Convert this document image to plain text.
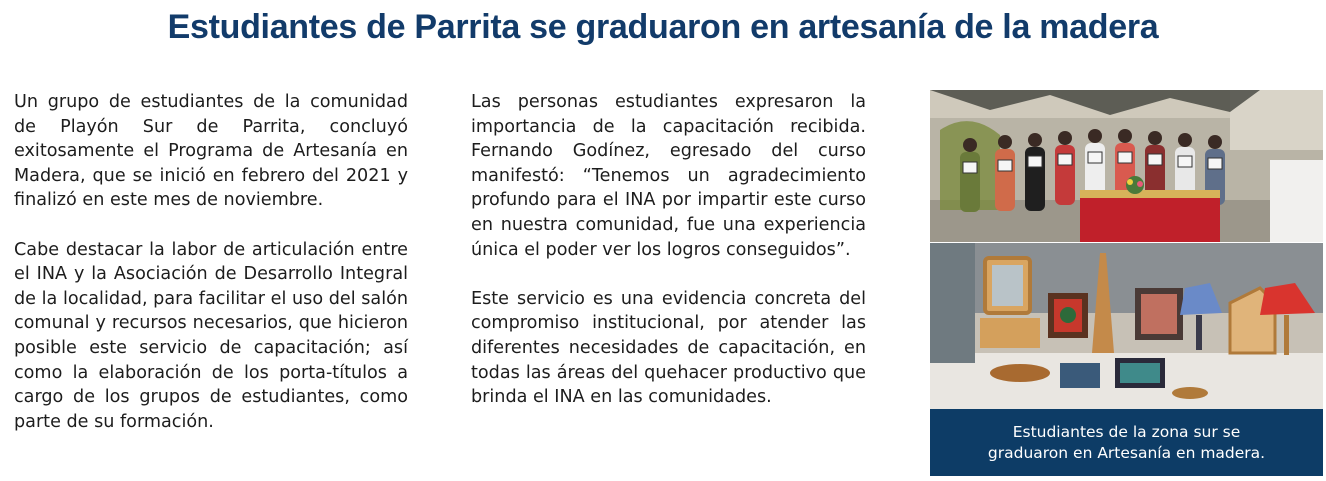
Estudiantes de Parrita se graduaron en artesanía de la madera

Un grupo de estudiantes de la comunidad de Playón Sur de Parrita, concluyó exitosamente el Programa de Artesanía en Madera, que se inició en febrero del 2021 y finalizó en este mes de noviembre.

Cabe destacar la labor de articulación entre el INA y la Asociación de Desarrollo Integral de la localidad, para facilitar el uso del salón comunal y recursos necesarios, que hicieron posible este servicio de capacitación; así como la elaboración de los porta-títulos a cargo de los grupos de estudiantes, como parte de su formación.

Las personas estudiantes expresaron la importancia de la capacitación recibida. Fernando Godínez, egresado del curso manifestó: “Tenemos un agradecimiento profundo para el INA por impartir este curso en nuestra comunidad, fue una experiencia única el poder ver los logros conseguidos”.

Este servicio es una evidencia concreta del compromiso institucional, por atender las diferentes necesidades de capacitación, en todas las áreas del quehacer productivo que brinda el INA en las comunidades.

Estudiantes de la zona sur se
graduaron en Artesanía en madera.
